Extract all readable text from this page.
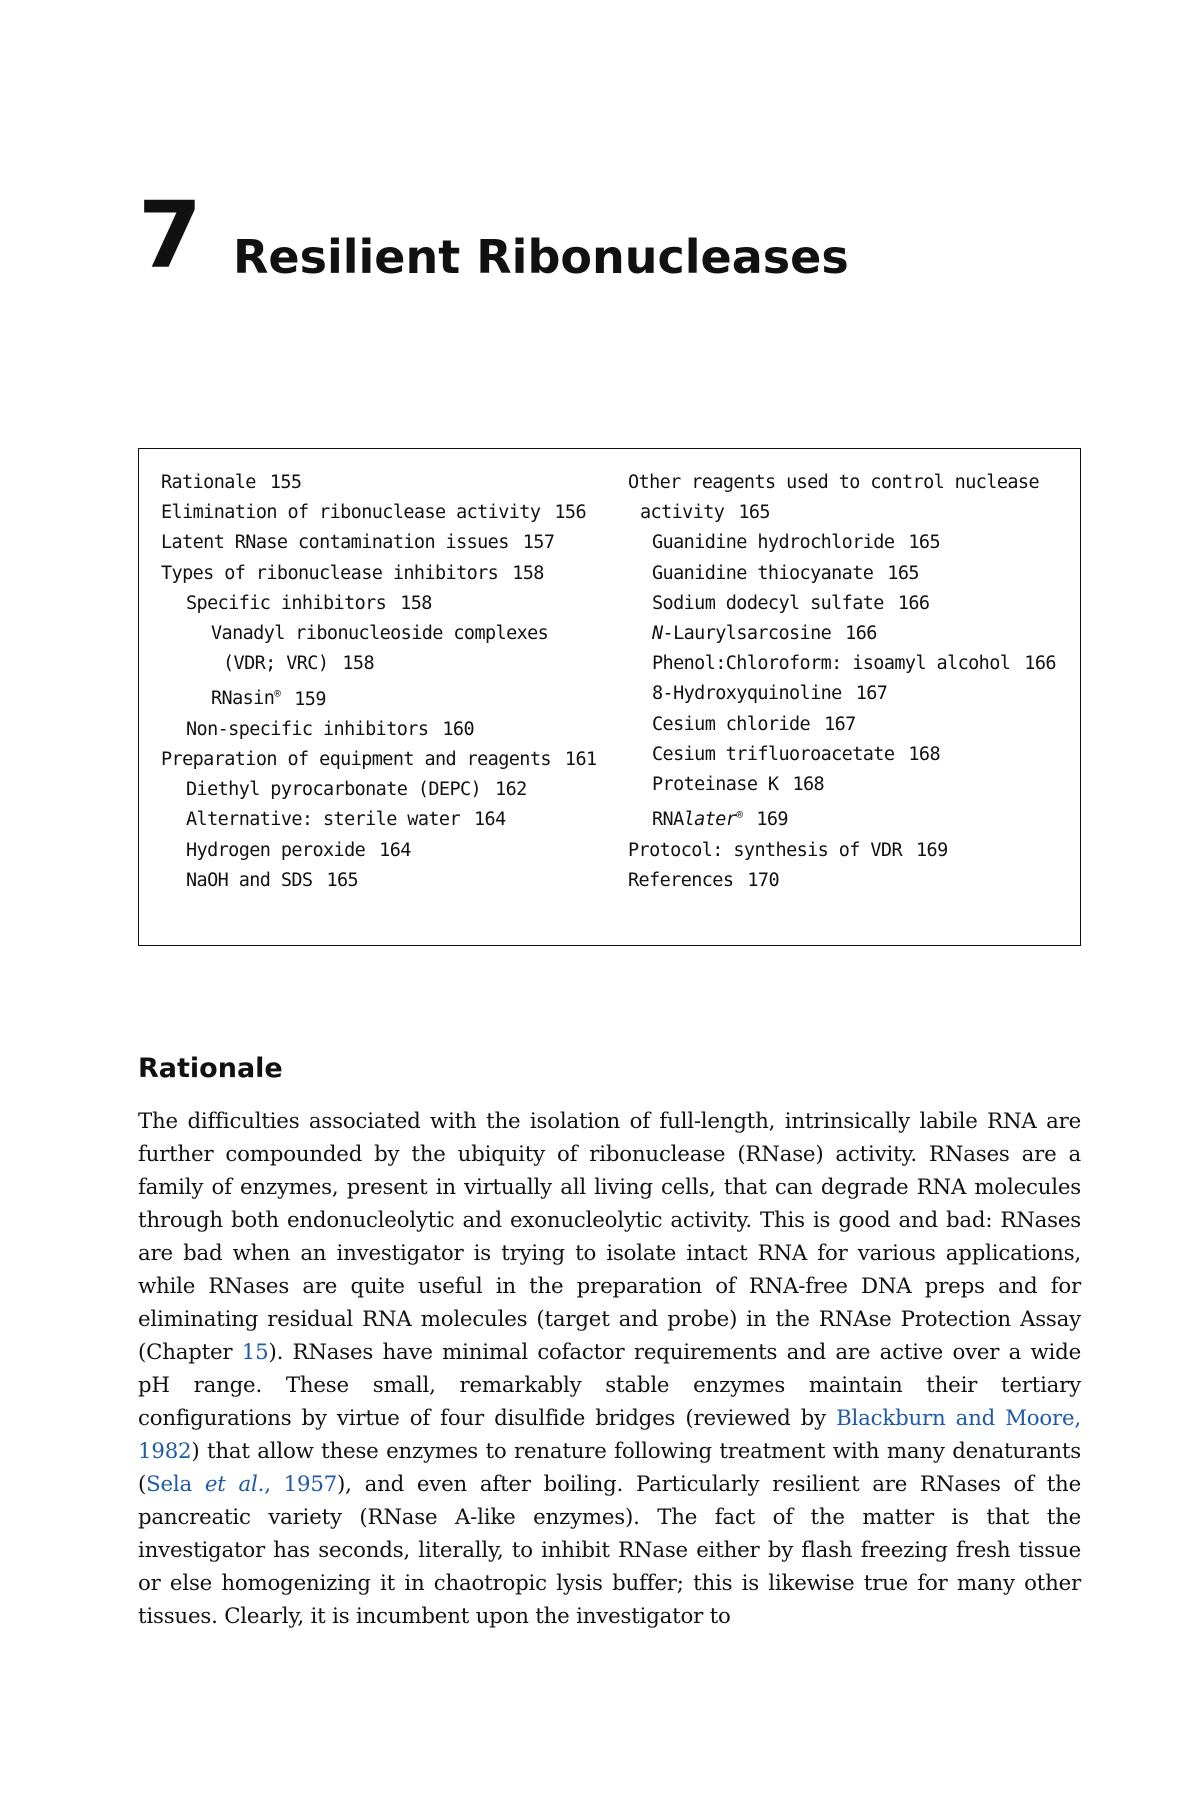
7 Resilient Ribonucleases
Rationale 155
Elimination of ribonuclease activity 156
Latent RNase contamination issues 157
Types of ribonuclease inhibitors 158
Specific inhibitors 158
Vanadyl ribonucleoside complexes
(VDR; VRC) 158
RNasin® 159
Non-specific inhibitors 160
Preparation of equipment and reagents 161
Diethyl pyrocarbonate (DEPC) 162
Alternative: sterile water 164
Hydrogen peroxide 164
NaOH and SDS 165
Other reagents used to control nuclease
activity 165
Guanidine hydrochloride 165
Guanidine thiocyanate 165
Sodium dodecyl sulfate 166
N-Laurylsarcosine 166
Phenol:Chloroform: isoamyl alcohol 166
8-Hydroxyquinoline 167
Cesium chloride 167
Cesium trifluoroacetate 168
Proteinase K 168
RNAlater® 169
Protocol: synthesis of VDR 169
References 170
Rationale

The difficulties associated with the isolation of full-length, intrinsically labile RNA are further compounded by the ubiquity of ribonuclease (RNase) activity. RNases are a family of enzymes, present in virtually all living cells, that can degrade RNA molecules through both endonucleolytic and exonucleolytic activity. This is good and bad: RNases are bad when an investigator is trying to isolate intact RNA for various applications, while RNases are quite useful in the preparation of RNA-free DNA preps and for eliminating residual RNA molecules (target and probe) in the RNAse Protection Assay (Chapter 15). RNases have minimal cofactor requirements and are active over a wide pH range. These small, remarkably stable enzymes maintain their tertiary configurations by virtue of four disulfide bridges (reviewed by Blackburn and Moore, 1982) that allow these enzymes to renature following treatment with many denaturants (Sela et al., 1957), and even after boiling. Particularly resilient are RNases of the pancreatic variety (RNase A-like enzymes). The fact of the matter is that the investigator has seconds, literally, to inhibit RNase either by flash freezing fresh tissue or else homogenizing it in chaotropic lysis buffer; this is likewise true for many other tissues. Clearly, it is incumbent upon the investigator to
